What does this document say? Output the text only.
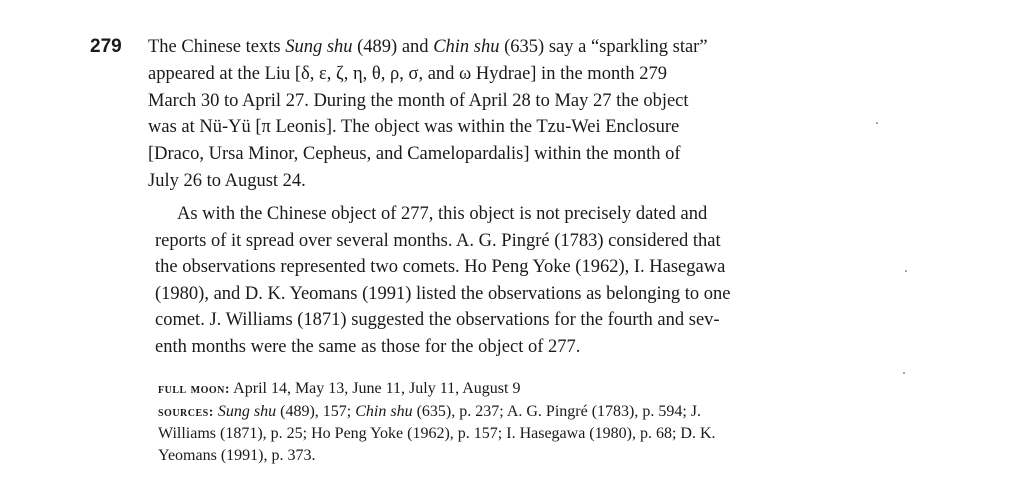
279 The Chinese texts Sung shu (489) and Chin shu (635) say a “sparkling star”
appeared at the Liu [δ, ε, ζ, η, θ, ρ, σ, and ω Hydrae] in the month 279
March 30 to April 27. During the month of April 28 to May 27 the object
was at Nü-Yü [π Leonis]. The object was within the Tzu-Wei Enclosure
[Draco, Ursa Minor, Cepheus, and Camelopardalis] within the month of
July 26 to August 24.

As with the Chinese object of 277, this object is not precisely dated and
reports of it spread over several months. A. G. Pingré (1783) considered that
the observations represented two comets. Ho Peng Yoke (1962), I. Hasegawa
(1980), and D. K. Yeomans (1991) listed the observations as belonging to one
comet. J. Williams (1871) suggested the observations for the fourth and sev-
enth months were the same as those for the object of 277.

full moon: April 14, May 13, June 11, July 11, August 9
sources: Sung shu (489), 157; Chin shu (635), p. 237; A. G. Pingré (1783), p. 594; J.
Williams (1871), p. 25; Ho Peng Yoke (1962), p. 157; I. Hasegawa (1980), p. 68; D. K.
Yeomans (1991), p. 373.
